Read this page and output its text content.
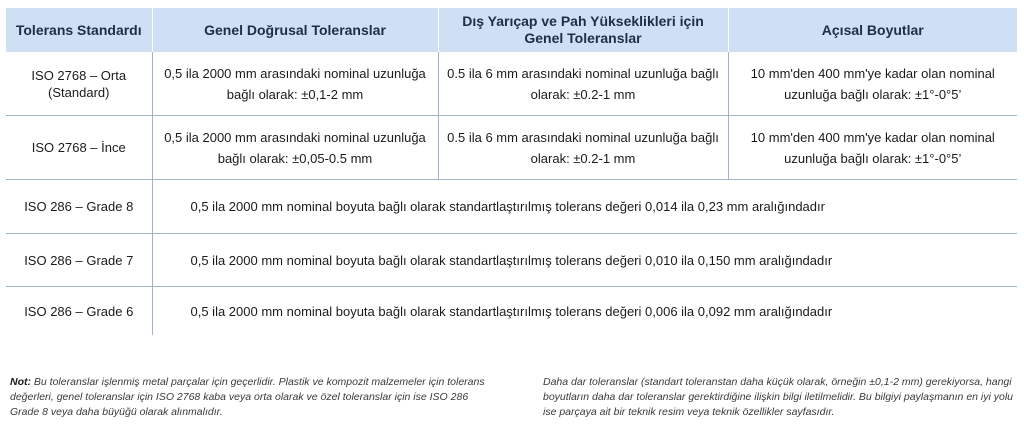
Tolerans Standardı	Genel Doğrusal Toleranslar	Dış Yarıçap ve Pah Yükseklikleri için Genel Toleranslar	Açısal Boyutlar
ISO 2768 – Orta (Standard)	0,5 ila 2000 mm arasındaki nominal uzunluğa bağlı olarak: ±0,1-2 mm	0.5 ila 6 mm arasındaki nominal uzunluğa bağlı olarak: ±0.2-1 mm	10 mm'den 400 mm'ye kadar olan nominal uzunluğa bağlı olarak: ±1°-0°5’
ISO 2768 – İnce	0,5 ila 2000 mm arasındaki nominal uzunluğa bağlı olarak: ±0,05-0.5 mm	0.5 ila 6 mm arasındaki nominal uzunluğa bağlı olarak: ±0.2-1 mm	10 mm'den 400 mm'ye kadar olan nominal uzunluğa bağlı olarak: ±1°-0°5’
ISO 286 – Grade 8	0,5 ila 2000 mm nominal boyuta bağlı olarak standartlaştırılmış tolerans değeri 0,014 ila 0,23 mm aralığındadır		
ISO 286 – Grade 7	0,5 ila 2000 mm nominal boyuta bağlı olarak standartlaştırılmış tolerans değeri 0,010 ila 0,150 mm aralığındadır		
ISO 286 – Grade 6	0,5 ila 2000 mm nominal boyuta bağlı olarak standartlaştırılmış tolerans değeri 0,006 ila 0,092 mm aralığındadır		
Not: Bu toleranslar işlenmiş metal parçalar için geçerlidir. Plastik ve kompozit malzemeler için tolerans değerleri, genel toleranslar için ISO 2768 kaba veya orta olarak ve özel toleranslar için ise ISO 286 Grade 8 veya daha büyüğü olarak alınmalıdır.
Daha dar toleranslar (standart toleranstan daha küçük olarak, örneğin ±0,1-2 mm) gerekiyorsa, hangi boyutların daha dar toleranslar gerektirdiğine ilişkin bilgi iletilmelidir. Bu bilgiyi paylaşmanın en iyi yolu ise parçaya ait bir teknik resim veya teknik özellikler sayfasıdır.
